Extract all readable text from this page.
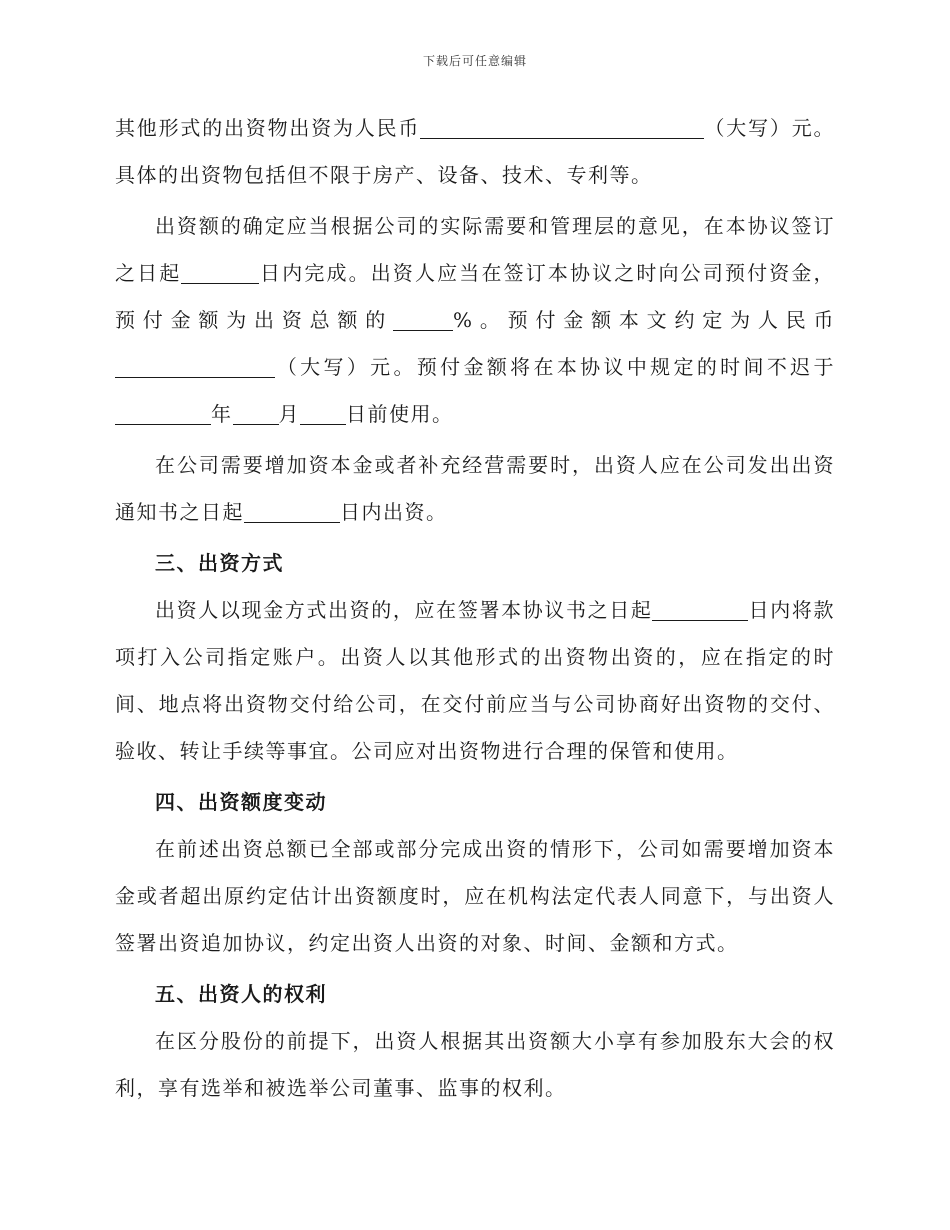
下载后可任意编辑

其他形式的出资物出资为人民币	（大写）元。具体的出资物包括但不限于房产、设备、技术、专利等。

出资额的确定应当根据公司的实际需要和管理层的意见，在本协议签订之日起	日内完成。出资人应当在签订本协议之时向公司预付资金，预付金额为出资总额的	%。预付金额本文约定为人民币（大写）元。预付金额将在本协议中规定的时间不迟于年 月 日前使用。

在公司需要增加资本金或者补充经营需要时，出资人应在公司发出出资通知书之日起	日内出资。

三、出资方式

出资人以现金方式出资的，应在签署本协议书之日起	日内将款项打入公司指定账户。出资人以其他形式的出资物出资的，应在指定的时间、地点将出资物交付给公司，在交付前应当与公司协商好出资物的交付、验收、转让手续等事宜。公司应对出资物进行合理的保管和使用。

四、出资额度变动

在前述出资总额已全部或部分完成出资的情形下，公司如需要增加资本金或者超出原约定估计出资额度时，应在机构法定代表人同意下，与出资人签署出资追加协议，约定出资人出资的对象、时间、金额和方式。

五、出资人的权利

在区分股份的前提下，出资人根据其出资额大小享有参加股东大会的权利，享有选举和被选举公司董事、监事的权利。
